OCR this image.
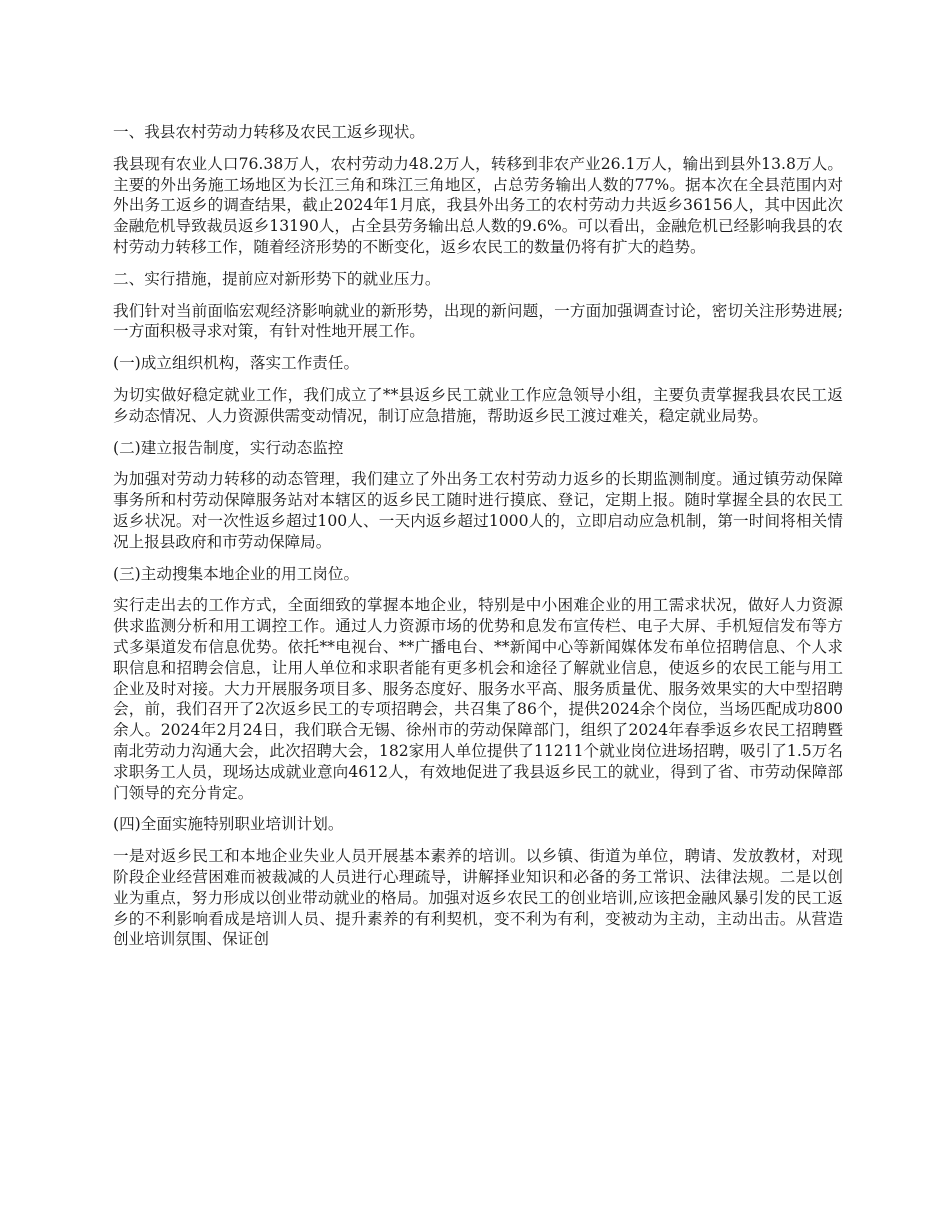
一、我县农村劳动力转移及农民工返乡现状。

我县现有农业人口76.38万人，农村劳动力48.2万人，转移到非农产业26.1万人，输出到县外13.8万人。主要的外出务施工场地区为长江三角和珠江三角地区，占总劳务输出人数的77%。据本次在全县范围内对外出务工返乡的调查结果，截止2024年1月底，我县外出务工的农村劳动力共返乡36156人，其中因此次金融危机导致裁员返乡13190人，占全县劳务输出总人数的9.6%。可以看出，金融危机已经影响我县的农村劳动力转移工作，随着经济形势的不断变化，返乡农民工的数量仍将有扩大的趋势。

二、实行措施，提前应对新形势下的就业压力。

我们针对当前面临宏观经济影响就业的新形势，出现的新问题，一方面加强调查讨论，密切关注形势进展;一方面积极寻求对策，有针对性地开展工作。

(一)成立组织机构，落实工作责任。

为切实做好稳定就业工作，我们成立了**县返乡民工就业工作应急领导小组，主要负责掌握我县农民工返乡动态情况、人力资源供需变动情况，制订应急措施，帮助返乡民工渡过难关，稳定就业局势。

(二)建立报告制度，实行动态监控

为加强对劳动力转移的动态管理，我们建立了外出务工农村劳动力返乡的长期监测制度。通过镇劳动保障事务所和村劳动保障服务站对本辖区的返乡民工随时进行摸底、登记，定期上报。随时掌握全县的农民工返乡状况。对一次性返乡超过100人、一天内返乡超过1000人的，立即启动应急机制，第一时间将相关情况上报县政府和市劳动保障局。

(三)主动搜集本地企业的用工岗位。

实行走出去的工作方式，全面细致的掌握本地企业，特别是中小困难企业的用工需求状况，做好人力资源供求监测分析和用工调控工作。通过人力资源市场的优势和息发布宣传栏、电子大屏、手机短信发布等方式多渠道发布信息优势。依托**电视台、**广播电台、**新闻中心等新闻媒体发布单位招聘信息、个人求职信息和招聘会信息，让用人单位和求职者能有更多机会和途径了解就业信息，使返乡的农民工能与用工企业及时对接。大力开展服务项目多、服务态度好、服务水平高、服务质量优、服务效果实的大中型招聘会，前，我们召开了2次返乡民工的专项招聘会，共召集了86个，提供2024余个岗位，当场匹配成功800余人。2024年2月24日，我们联合无锡、徐州市的劳动保障部门，组织了2024年春季返乡农民工招聘暨南北劳动力沟通大会，此次招聘大会，182家用人单位提供了11211个就业岗位进场招聘，吸引了1.5万名求职务工人员，现场达成就业意向4612人，有效地促进了我县返乡民工的就业，得到了省、市劳动保障部门领导的充分肯定。

(四)全面实施特别职业培训计划。

一是对返乡民工和本地企业失业人员开展基本素养的培训。以乡镇、街道为单位，聘请、发放教材，对现阶段企业经营困难而被裁减的人员进行心理疏导，讲解择业知识和必备的务工常识、法律法规。二是以创业为重点，努力形成以创业带动就业的格局。加强对返乡农民工的创业培训,应该把金融风暴引发的民工返乡的不利影响看成是培训人员、提升素养的有利契机，变不利为有利，变被动为主动，主动出击。从营造创业培训氛围、保证创
